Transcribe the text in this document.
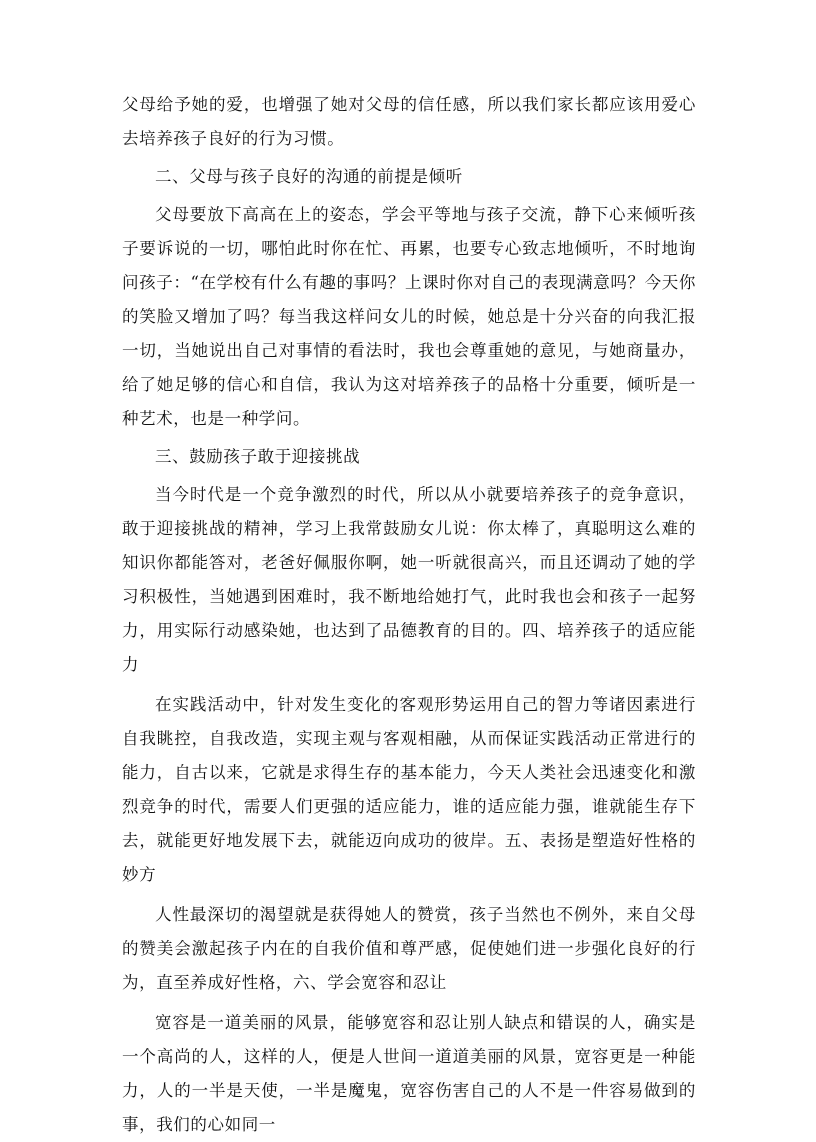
父母给予她的爱，也增强了她对父母的信任感，所以我们家长都应该用爱心去培养孩子良好的行为习惯。

二、父母与孩子良好的沟通的前提是倾听

父母要放下高高在上的姿态，学会平等地与孩子交流，静下心来倾听孩子要诉说的一切，哪怕此时你在忙、再累，也要专心致志地倾听，不时地询问孩子：“在学校有什么有趣的事吗？上课时你对自己的表现满意吗？今天你的笑脸又增加了吗？每当我这样问女儿的时候，她总是十分兴奋的向我汇报一切，当她说出自己对事情的看法时，我也会尊重她的意见，与她商量办，给了她足够的信心和自信，我认为这对培养孩子的品格十分重要，倾听是一种艺术，也是一种学问。

三、鼓励孩子敢于迎接挑战

当今时代是一个竞争激烈的时代，所以从小就要培养孩子的竞争意识，敢于迎接挑战的精神，学习上我常鼓励女儿说：你太棒了，真聪明这么难的知识你都能答对，老爸好佩服你啊，她一听就很高兴，而且还调动了她的学习积极性，当她遇到困难时，我不断地给她打气，此时我也会和孩子一起努力，用实际行动感染她，也达到了品德教育的目的。四、培养孩子的适应能力

在实践活动中，针对发生变化的客观形势运用自己的智力等诸因素进行自我眺控，自我改造，实现主观与客观相融，从而保证实践活动正常进行的能力，自古以来，它就是求得生存的基本能力，今天人类社会迅速变化和激烈竞争的时代，需要人们更强的适应能力，谁的适应能力强，谁就能生存下去，就能更好地发展下去，就能迈向成功的彼岸。五、表扬是塑造好性格的妙方

人性最深切的渴望就是获得她人的赞赏，孩子当然也不例外，来自父母的赞美会激起孩子内在的自我价值和尊严感，促使她们进一步强化良好的行为，直至养成好性格，六、学会宽容和忍让

宽容是一道美丽的风景，能够宽容和忍让别人缺点和错误的人，确实是一个高尚的人，这样的人，便是人世间一道道美丽的风景，宽容更是一种能力，人的一半是天使，一半是魔鬼，宽容伤害自己的人不是一件容易做到的事，我们的心如同一
